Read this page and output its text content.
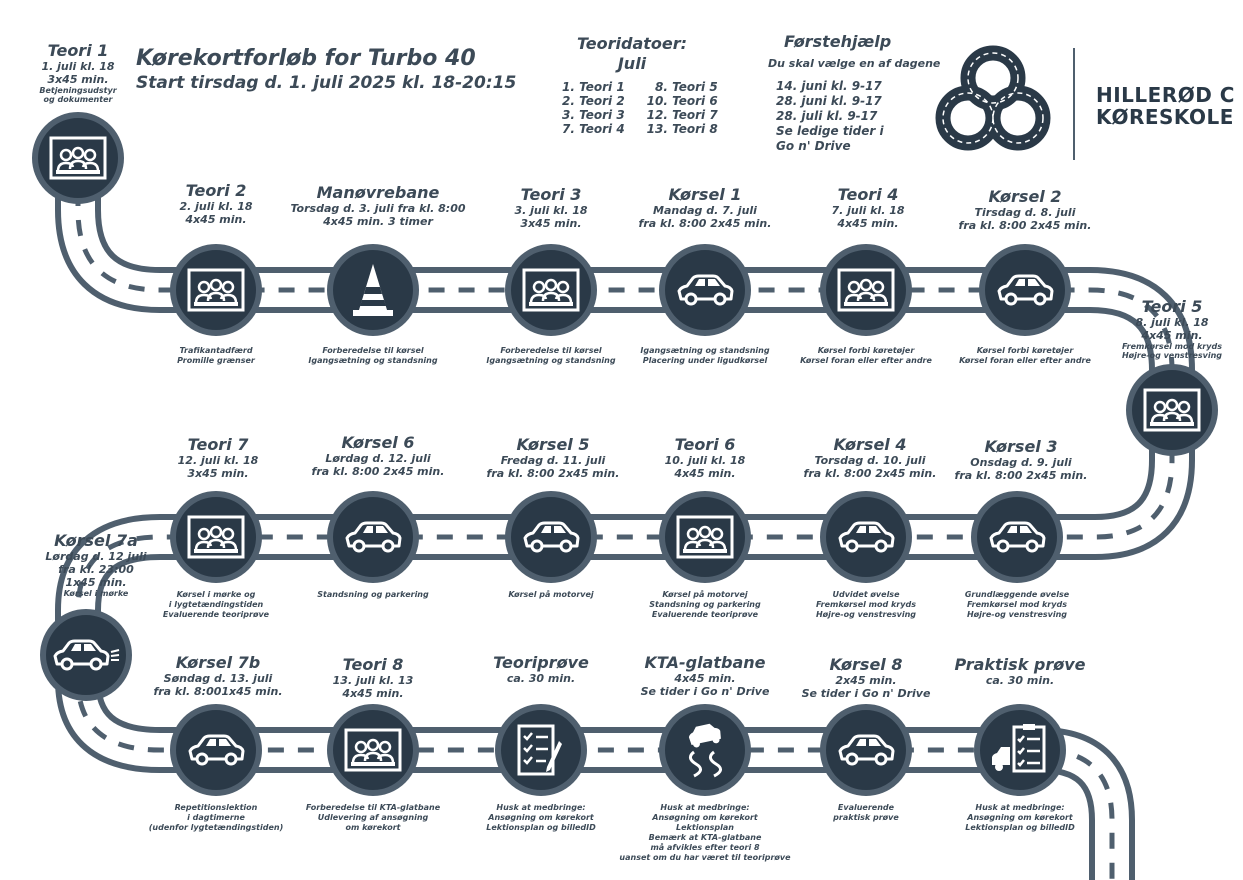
Kørekortforløb for Turbo 40
Start tirsdag d. 1. juli 2025 kl. 18-20:15
Teoridatoer:
Juli
1. Teori 1
2. Teori 2
3. Teori 3
7. Teori 4
8. Teori 5
10. Teori 6
12. Teori 7
13. Teori 8
Førstehjælp
Du skal vælge en af dagene
14. juni kl. 9-17
28. juni kl. 9-17
28. juli kl. 9-17
Se ledige tider i
Go n' Drive
HILLERØD C
KØRESKOLE
Teori 1
1. juli kl. 18
3x45 min.
Betjeningsudstyr
og dokumenter
Teori 2
2. juli kl. 18
4x45 min.
Trafikantadfærd
Promille grænser
Manøvrebane
Torsdag d. 3. juli fra kl. 8:00
4x45 min. 3 timer
Forberedelse til kørsel
Igangsætning og standsning
Teori 3
3. juli kl. 18
3x45 min.
Forberedelse til kørsel
Igangsætning og standsning
Kørsel 1
Mandag d. 7. juli
fra kl. 8:00 2x45 min.
Igangsætning og standsning
Placering under ligudkørsel
Teori 4
7. juli kl. 18
4x45 min.
Kørsel forbi køretøjer
Kørsel foran eller efter andre
Kørsel 2
Tirsdag d. 8. juli
fra kl. 8:00 2x45 min.
Kørsel forbi køretøjer
Kørsel foran eller efter andre
Teori 5
8. juli kl. 18
4x45 min.
Fremkørsel mod kryds
Højre-og venstresving
Kørsel 3
Onsdag d. 9. juli
fra kl. 8:00 2x45 min.
Grundlæggende øvelse
Fremkørsel mod kryds
Højre-og venstresving
Kørsel 4
Torsdag d. 10. juli
fra kl. 8:00 2x45 min.
Udvidet øvelse
Fremkørsel mod kryds
Højre-og venstresving
Teori 6
10. juli kl. 18
4x45 min.
Kørsel på motorvej
Standsning og parkering
Evaluerende teoriprøve
Kørsel 5
Fredag d. 11. juli
fra kl. 8:00 2x45 min.
Kørsel på motorvej
Kørsel 6
Lørdag d. 12. juli
fra kl. 8:00 2x45 min.
Standsning og parkering
Teori 7
12. juli kl. 18
3x45 min.
Kørsel i mørke og
i lygtetændingstiden
Evaluerende teoriprøve
Kørsel 7a
Lørdag d. 12 juli
fra kl. 23:00
1x45 min.
Kørsel i mørke
Kørsel 7b
Søndag d. 13. juli
fra kl. 8:001x45 min.
Repetitionslektion
i dagtimerne
(udenfor lygtetændingstiden)
Teori 8
13. juli kl. 13
4x45 min.
Forberedelse til KTA-glatbane
Udlevering af ansøgning
om kørekort
Teoriprøve
ca. 30 min.
Husk at medbringe:
Ansøgning om kørekort
Lektionsplan og billedID
KTA-glatbane
4x45 min.
Se tider i Go n' Drive
Husk at medbringe:
Ansøgning om kørekort
Lektionsplan
Bemærk at KTA-glatbane
må afvikles efter teori 8
uanset om du har været til teoriprøve
Kørsel 8
2x45 min.
Se tider i Go n' Drive
Evaluerende
praktisk prøve
Praktisk prøve
ca. 30 min.
Husk at medbringe:
Ansøgning om kørekort
Lektionsplan og billedID
